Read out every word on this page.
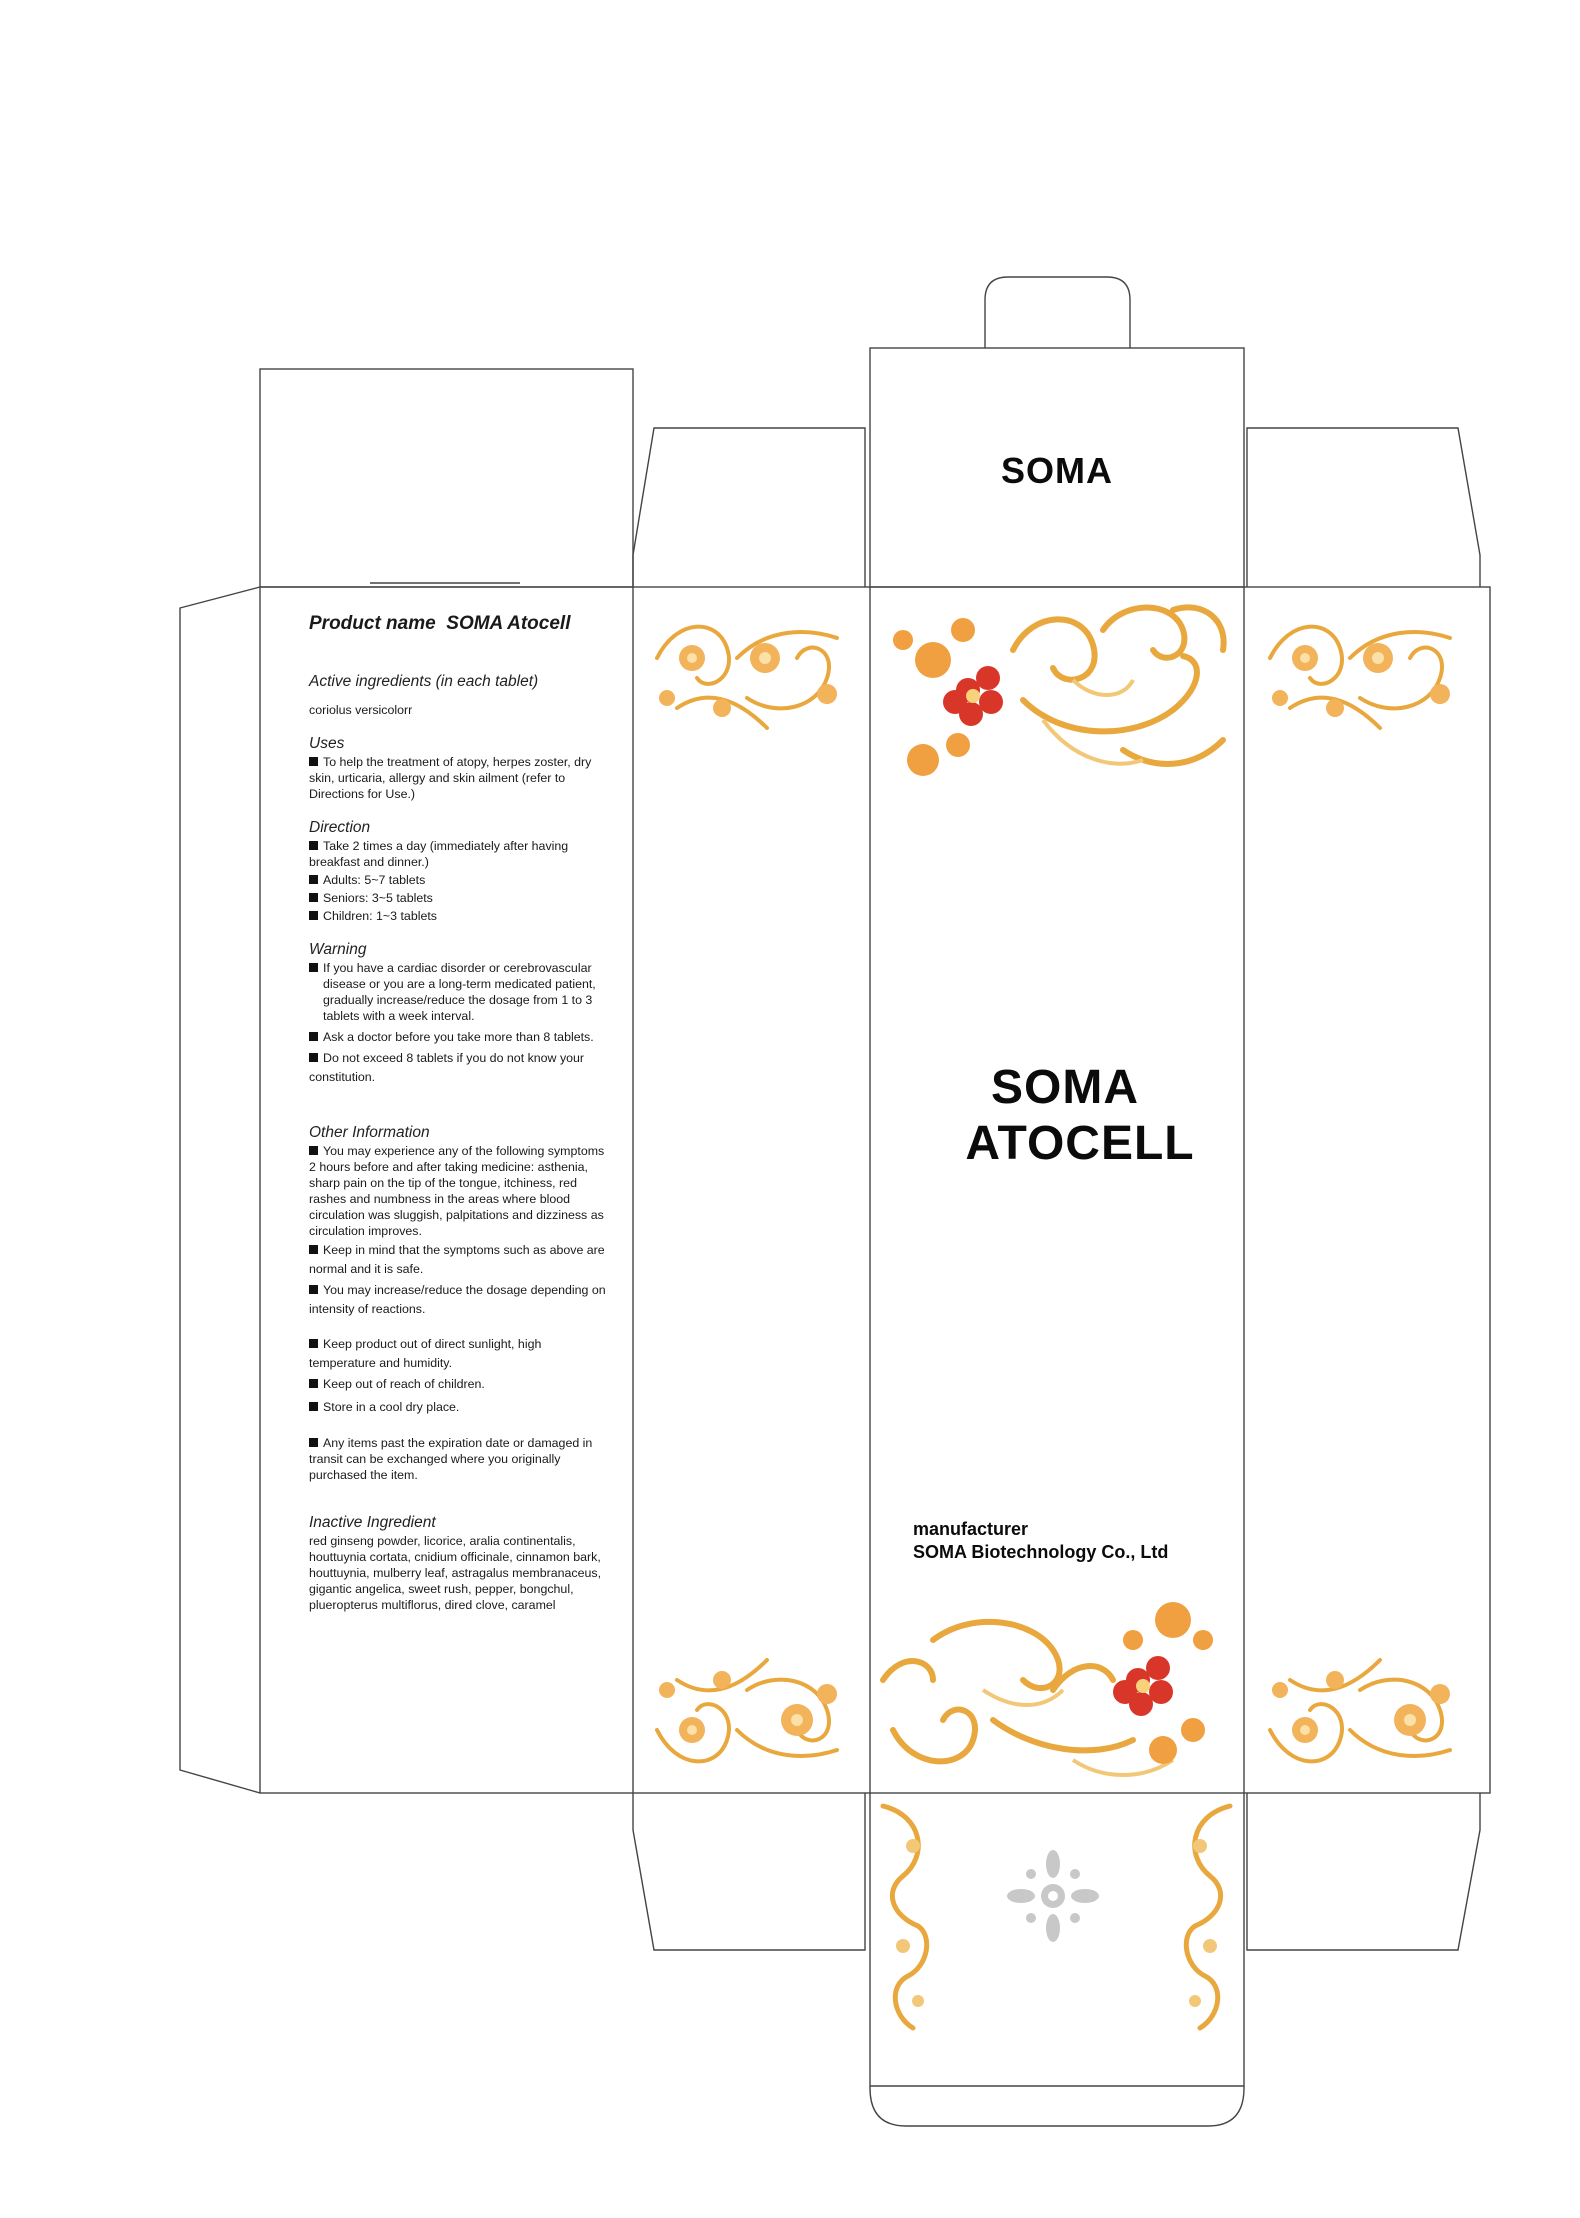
Product name SOMA Atocell

Active ingredients (in each tablet)

coriolus versicolorr

Uses

To help the treatment of atopy, herpes zoster, dry skin, urticaria, allergy and skin ailment (refer to Directions for Use.)

Direction

Take 2 times a day (immediately after having breakfast and dinner.)

Adults: 5~7 tablets

Seniors: 3~5 tablets

Children: 1~3 tablets

Warning

If you have a cardiac disorder or cerebrovascular disease or you are a long-term medicated patient, gradually increase/reduce the dosage from 1 to 3 tablets with a week interval.

Ask a doctor before you take more than 8 tablets.

Do not exceed 8 tablets if you do not know your constitution.

Other Information

You may experience any of the following symptoms 2 hours before and after taking medicine: asthenia, sharp pain on the tip of the tongue, itchiness, red rashes and numbness in the areas where blood circulation was sluggish, palpitations and dizziness as circulation improves.

Keep in mind that the symptoms such as above are normal and it is safe.

You may increase/reduce the dosage depending on intensity of reactions.

Keep product out of direct sunlight, high temperature and humidity.

Keep out of reach of children.

Store in a cool dry place.

Any items past the expiration date or damaged in transit can be exchanged where you originally purchased the item.

Inactive Ingredient

red ginseng powder, licorice, aralia continentalis, houttuynia cortata, cnidium officinale, cinnamon bark, houttuynia, mulberry leaf, astragalus membranaceus, gigantic angelica, sweet rush, pepper, bongchul, plueropterus multiflorus, dired clove, caramel

SOMA
SOMA
ATOCELL
manufacturer
SOMA Biotechnology Co., Ltd
